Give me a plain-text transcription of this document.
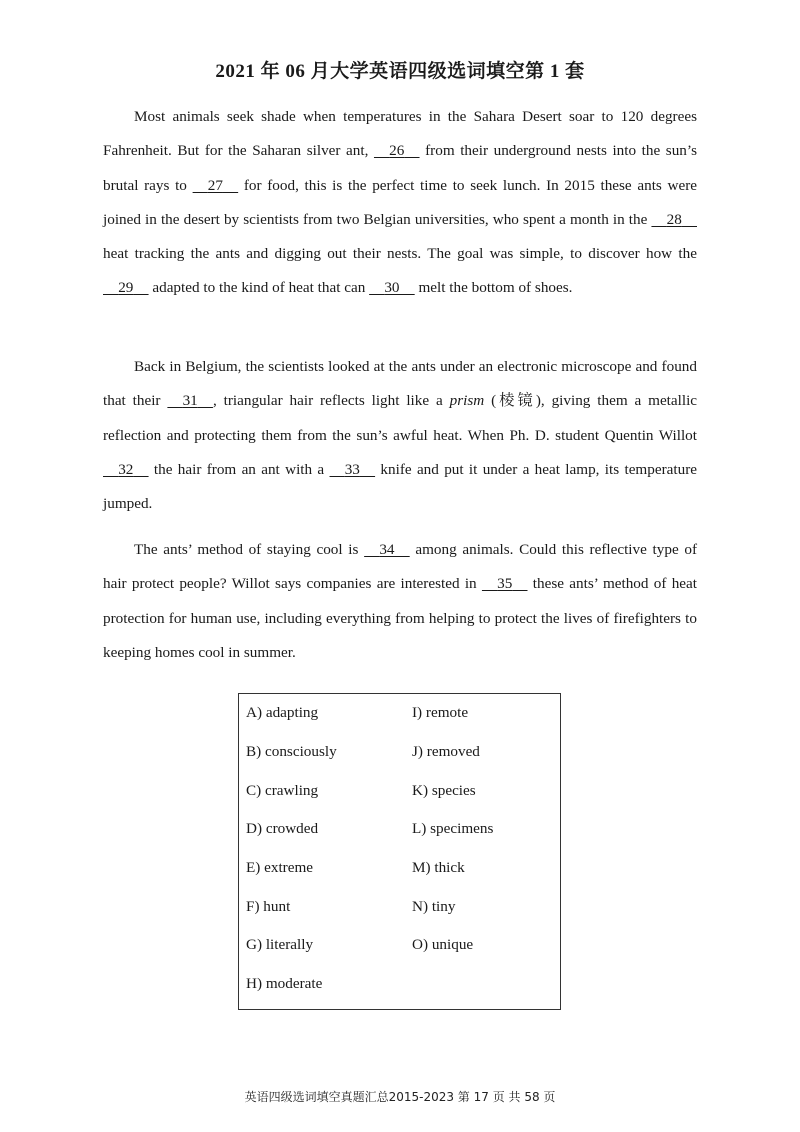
2021 年 06 月大学英语四级选词填空第 1 套

Most animals seek shade when temperatures in the Sahara Desert soar to 120 degrees Fahrenheit. But for the Saharan silver ant, 26 from their underground nests into the sun’s brutal rays to 27 for food, this is the perfect time to seek lunch. In 2015 these ants were joined in the desert by scientists from two Belgian universities, who spent a month in the 28 heat tracking the ants and digging out their nests. The goal was simple, to discover how the 29 adapted to the kind of heat that can 30 melt the bottom of shoes.

Back in Belgium, the scientists looked at the ants under an electronic microscope and found that their 31 , triangular hair reflects light like a prism (棱镜), giving them a metallic reflection and protecting them from the sun’s awful heat. When Ph. D. student Quentin Willot 32 the hair from an ant with a 33 knife and put it under a heat lamp, its temperature jumped.

The ants’ method of staying cool is 34 among animals. Could this reflective type of hair protect people? Willot says companies are interested in 35 these ants’ method of heat protection for human use, including everything from helping to protect the lives of firefighters to keeping homes cool in summer.

A) adapting
B) consciously
C) crawling
D) crowded
E) extreme
F) hunt
G) literally
H) moderate
I) remote
J) removed
K) species
L) specimens
M) thick
N) tiny
O) unique
英语四级选词填空真题汇总2015-2023 第 17 页 共 58 页
